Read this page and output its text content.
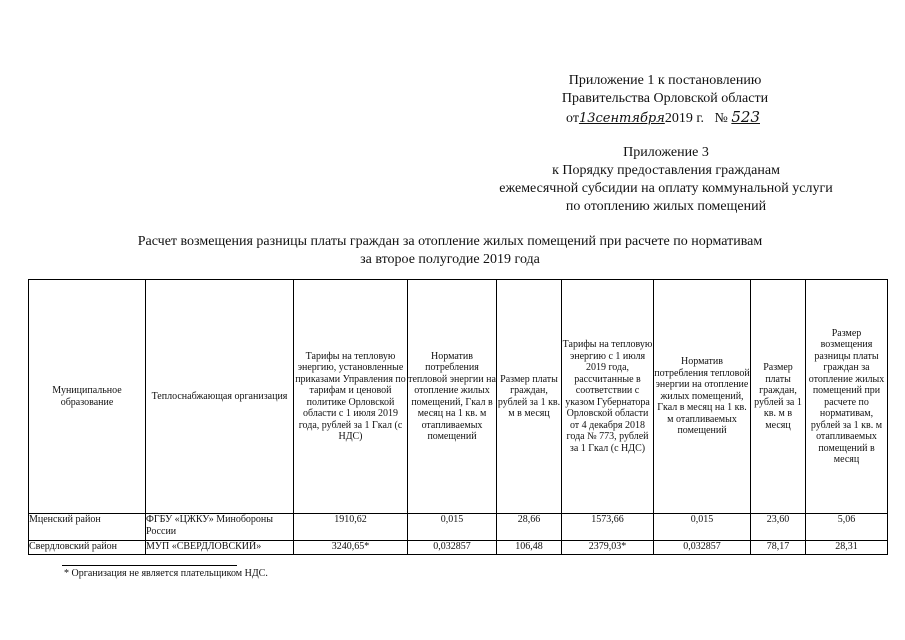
Приложение 1 к постановлению
Правительства Орловской области
от13сентября2019 г. № 523
Приложение 3
к Порядку предоставления гражданам
ежемесячной субсидии на оплату коммунальной услуги
по отоплению жилых помещений
Расчет возмещения разницы платы граждан за отопление жилых помещений при расчете по нормативам
за второе полугодие 2019 года
Муниципальное образование	Теплоснабжающая организация	Тарифы на тепловую энергию, установленные приказами Управления по тарифам и ценовой политике Орловской области с 1 июля 2019 года, рублей за 1 Гкал (с НДС)	Норматив потребления тепловой энергии на отопление жилых помещений, Гкал в месяц на 1 кв. м отапливаемых помещений	Размер платы граждан, рублей за 1 кв. м в месяц	Тарифы на тепловую энергию с 1 июля 2019 года, рассчитанные в соответствии с указом Губернатора Орловской области от 4 декабря 2018 года № 773, рублей за 1 Гкал (с НДС)	Норматив потребления тепловой энергии на отопление жилых помещений, Гкал в месяц на 1 кв. м отапливаемых помещений	Размер платы граждан, рублей за 1 кв. м в месяц	Размер возмещения разницы платы граждан за отопление жилых помещений при расчете по нормативам, рублей за 1 кв. м отапливаемых помещений в месяц
Мценский район	ФГБУ «ЦЖКУ» Минобороны России	1910,62	0,015	28,66	1573,66	0,015	23,60	5,06
Свердловский район	МУП «СВЕРДЛОВСКИЙ»	3240,65*	0,032857	106,48	2379,03*	0,032857	78,17	28,31
* Организация не является плательщиком НДС.
